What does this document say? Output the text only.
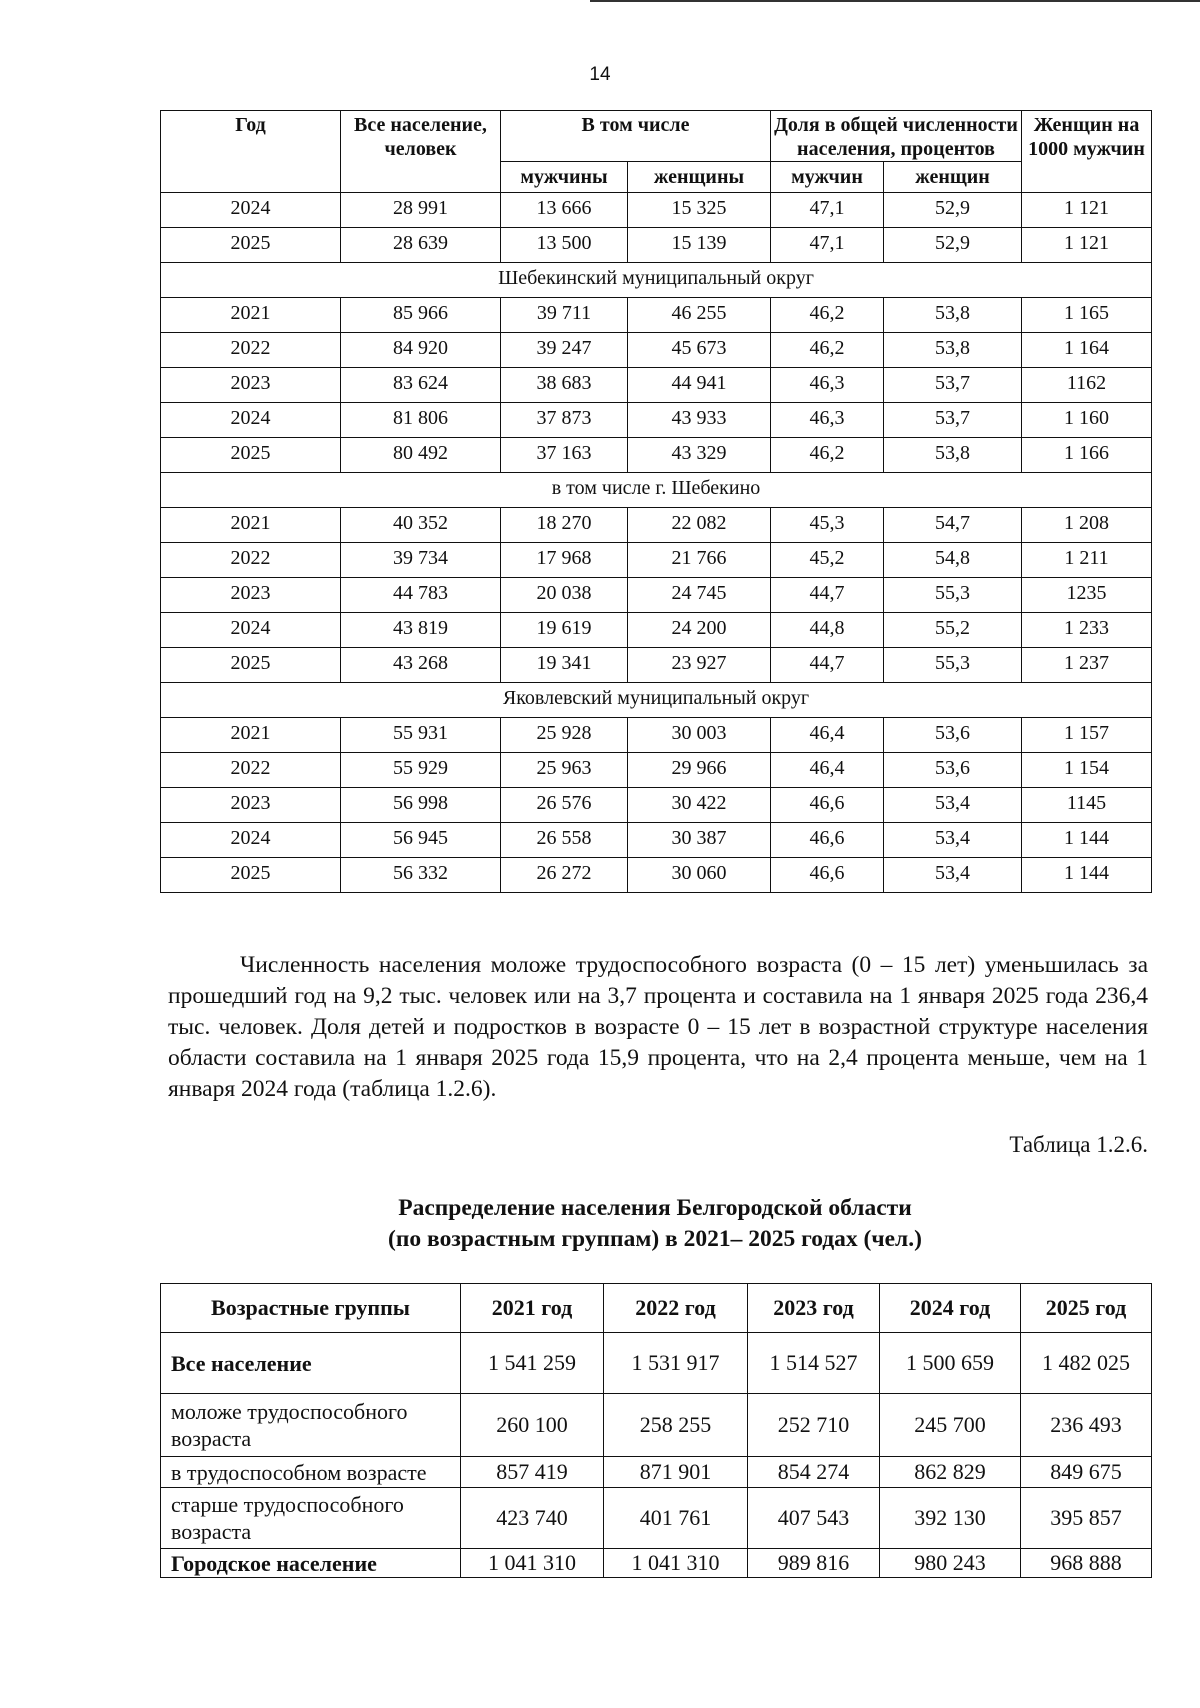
14
Год	Все население, человек	В том числе		Доля в общей численности населения, процентов		Женщин на 1000 мужчин
		мужчины	женщины	мужчин	женщин	
2024	28 991	13 666	15 325	47,1	52,9	1 121
2025	28 639	13 500	15 139	47,1	52,9	1 121
Шебекинский муниципальный округ						
2021	85 966	39 711	46 255	46,2	53,8	1 165
2022	84 920	39 247	45 673	46,2	53,8	1 164
2023	83 624	38 683	44 941	46,3	53,7	1162
2024	81 806	37 873	43 933	46,3	53,7	1 160
2025	80 492	37 163	43 329	46,2	53,8	1 166
в том числе г. Шебекино						
2021	40 352	18 270	22 082	45,3	54,7	1 208
2022	39 734	17 968	21 766	45,2	54,8	1 211
2023	44 783	20 038	24 745	44,7	55,3	1235
2024	43 819	19 619	24 200	44,8	55,2	1 233
2025	43 268	19 341	23 927	44,7	55,3	1 237
Яковлевский муниципальный округ						
2021	55 931	25 928	30 003	46,4	53,6	1 157
2022	55 929	25 963	29 966	46,4	53,6	1 154
2023	56 998	26 576	30 422	46,6	53,4	1145
2024	56 945	26 558	30 387	46,6	53,4	1 144
2025	56 332	26 272	30 060	46,6	53,4	1 144

Численность населения моложе трудоспособного возраста (0 – 15 лет) уменьшилась за прошедший год на 9,2 тыс. человек или на 3,7 процента и составила на 1 января 2025 года 236,4 тыс. человек. Доля детей и подростков в возрасте 0 – 15 лет в возрастной структуре населения области составила на 1 января 2025 года 15,9 процента, что на 2,4 процента меньше, чем на 1 января 2024 года (таблица 1.2.6).

Таблица 1.2.6.
Распределение населения Белгородской области
(по возрастным группам) в 2021– 2025 годах (чел.)
Возрастные группы	2021 год	2022 год	2023 год	2024 год	2025 год
Все население	1 541 259	1 531 917	1 514 527	1 500 659	1 482 025
моложе трудоспособного возраста	260 100	258 255	252 710	245 700	236 493
в трудоспособном возрасте	857 419	871 901	854 274	862 829	849 675
старше трудоспособного возраста	423 740	401 761	407 543	392 130	395 857
Городское население	1 041 310	1 041 310	989 816	980 243	968 888
